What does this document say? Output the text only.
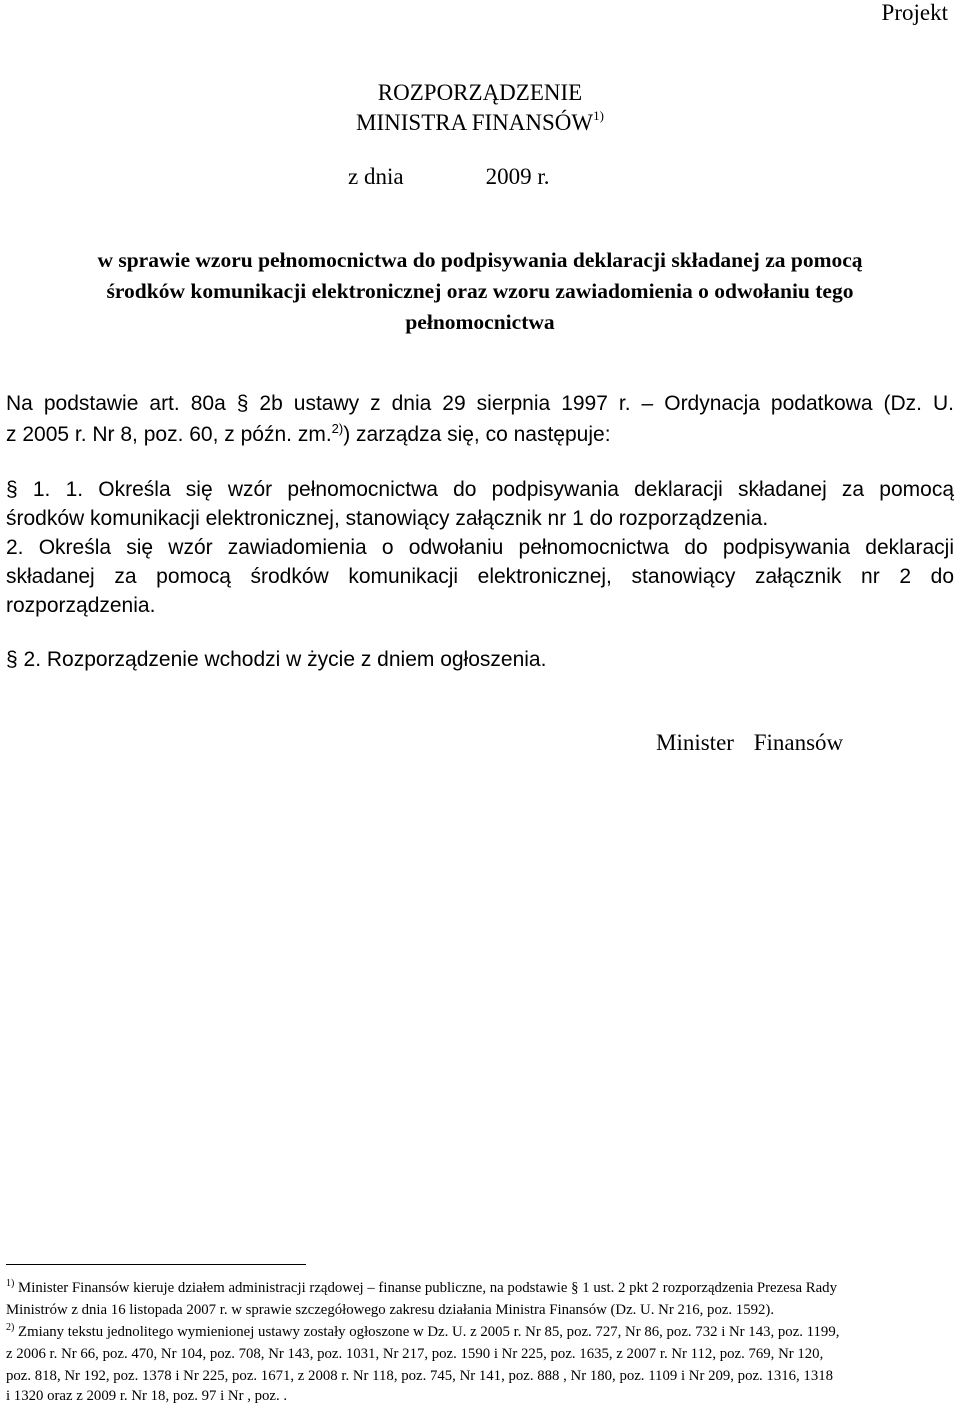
Projekt
ROZPORZĄDZENIE
MINISTRA FINANSÓW$^{1)}$
z dnia	2009 r.
w sprawie wzoru pełnomocnictwa do podpisywania deklaracji składanej za pomocą
środków komunikacji elektronicznej oraz wzoru zawiadomienia o odwołaniu tego
pełnomocnictwa
Na podstawie art. 80a § 2b ustawy z dnia 29 sierpnia 1997 r. – Ordynacja podatkowa (Dz. U.
z 2005 r. Nr 8, poz. 60, z późn. zm.$^{2)}$) zarządza się, co następuje:
§ 1. 1. Określa się wzór pełnomocnictwa do podpisywania deklaracji składanej za pomocą
środków komunikacji elektronicznej, stanowiący załącznik nr 1 do rozporządzenia.
2. Określa się wzór zawiadomienia o odwołaniu pełnomocnictwa do podpisywania deklaracji
składanej za pomocą środków komunikacji elektronicznej, stanowiący załącznik nr 2 do
rozporządzenia.
§ 2. Rozporządzenie wchodzi w życie z dniem ogłoszenia.
Minister Finansów
$^{1)}$ Minister Finansów kieruje działem administracji rządowej – finanse publiczne, na podstawie § 1 ust. 2 pkt 2 rozporządzenia Prezesa Rady
Ministrów z dnia 16 listopada 2007 r. w sprawie szczegółowego zakresu działania Ministra Finansów (Dz. U. Nr 216, poz. 1592).
$^{2)}$ Zmiany tekstu jednolitego wymienionej ustawy zostały ogłoszone w Dz. U. z 2005 r. Nr 85, poz. 727, Nr 86, poz. 732 i Nr 143, poz. 1199,
z 2006 r. Nr 66, poz. 470, Nr 104, poz. 708, Nr 143, poz. 1031, Nr 217, poz. 1590 i Nr 225, poz. 1635, z 2007 r. Nr 112, poz. 769, Nr 120,
poz. 818, Nr 192, poz. 1378 i Nr 225, poz. 1671, z 2008 r. Nr 118, poz. 745, Nr 141, poz. 888 , Nr 180, poz. 1109 i Nr 209, poz. 1316, 1318
i 1320 oraz z 2009 r. Nr 18, poz. 97 i Nr , poz. .
